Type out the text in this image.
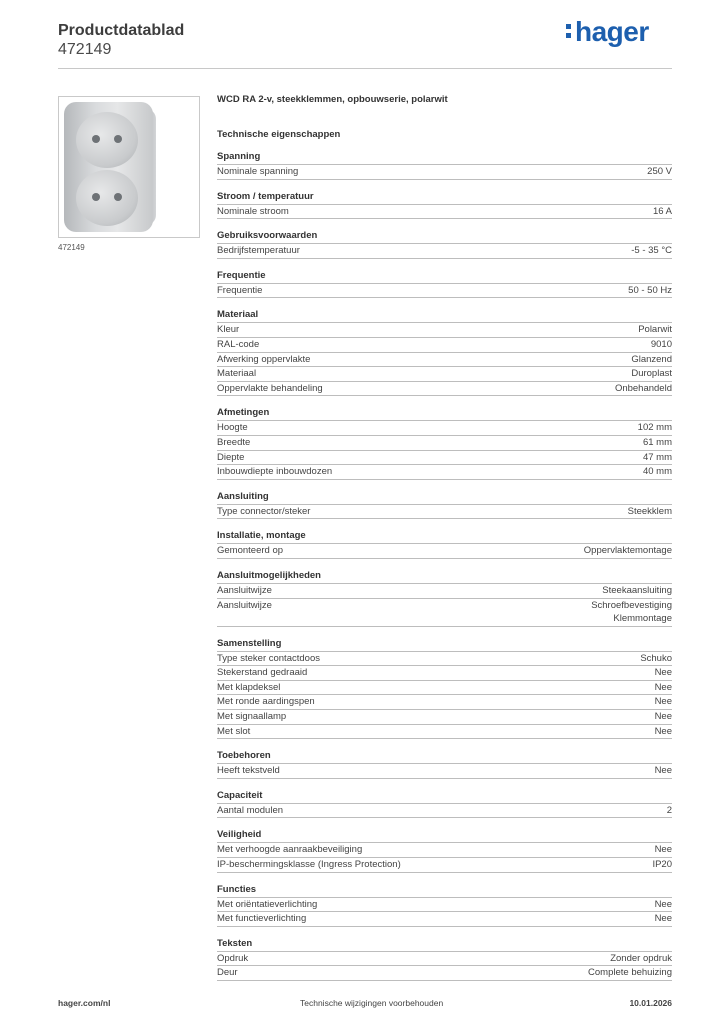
Productdatablad
472149
hager
472149
WCD RA 2-v, steekklemmen, opbouwserie, polarwit
Technische eigenschappen
Spanning
Nominale spanning	250 V
Stroom / temperatuur
Nominale stroom	16 A
Gebruiksvoorwaarden
Bedrijfstemperatuur	-5 - 35 °C
Frequentie
Frequentie	50 - 50 Hz
Materiaal
Kleur	Polarwit
RAL-code	9010
Afwerking oppervlakte	Glanzend
Materiaal	Duroplast
Oppervlakte behandeling	Onbehandeld
Afmetingen
Hoogte	102 mm
Breedte	61 mm
Diepte	47 mm
Inbouwdiepte inbouwdozen	40 mm
Aansluiting
Type connector/steker	Steekklem
Installatie, montage
Gemonteerd op	Oppervlaktemontage
Aansluitmogelijkheden
Aansluitwijze	Steekaansluiting
Aansluitwijze	Schroefbevestiging
Klemmontage
Samenstelling
Type steker contactdoos	Schuko
Stekerstand gedraaid	Nee
Met klapdeksel	Nee
Met ronde aardingspen	Nee
Met signaallamp	Nee
Met slot	Nee
Toebehoren
Heeft tekstveld	Nee
Capaciteit
Aantal modulen	2
Veiligheid
Met verhoogde aanraakbeveiliging	Nee
IP-beschermingsklasse (Ingress Protection)	IP20
Functies
Met oriëntatieverlichting	Nee
Met functieverlichting	Nee
Teksten
Opdruk	Zonder opdruk
Deur	Complete behuizing
hager.com/nl	Technische wijzigingen voorbehouden	10.01.2026
